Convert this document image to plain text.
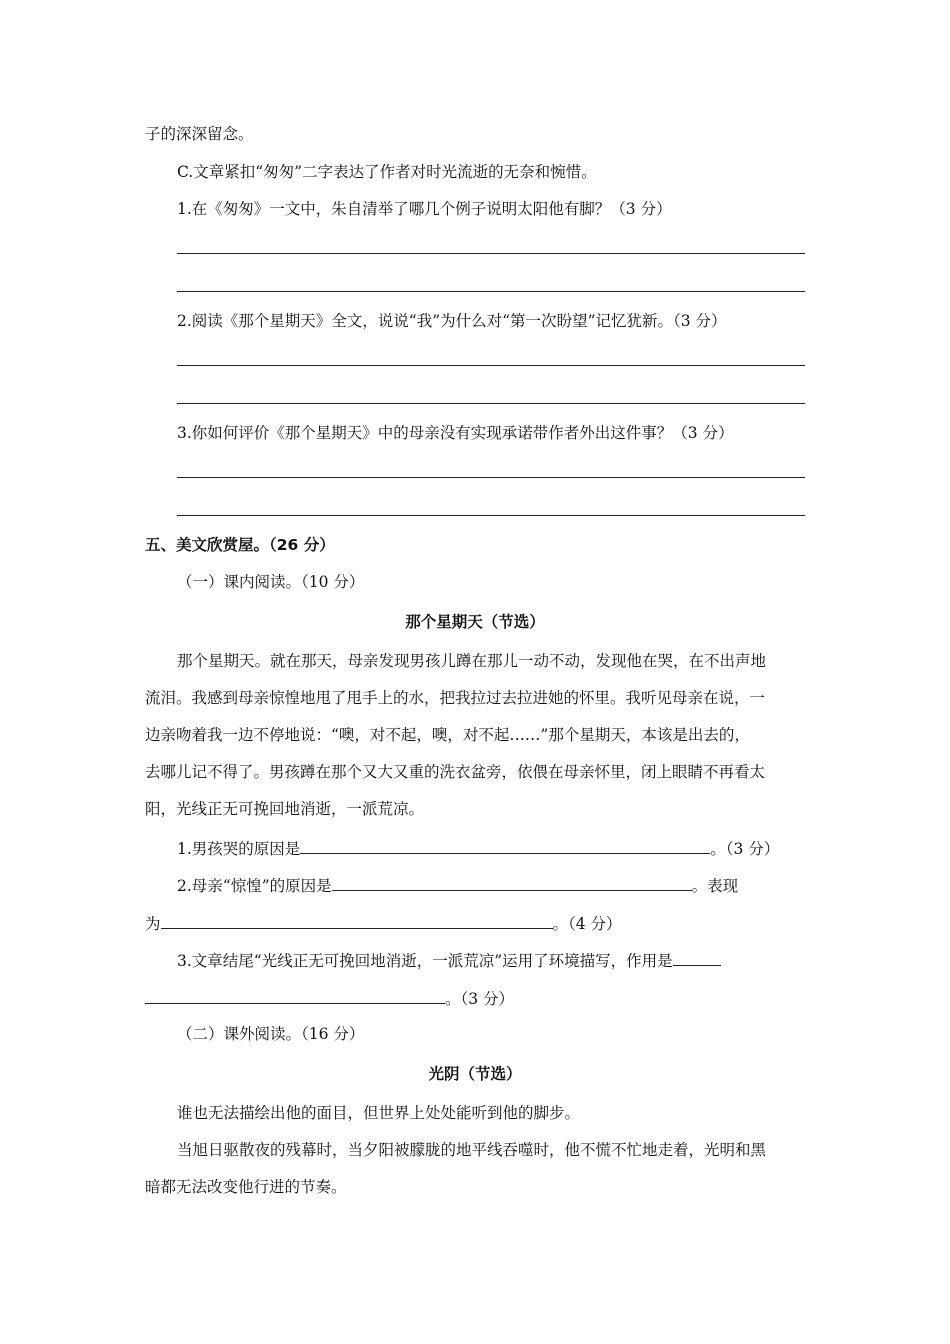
子的深深留念。
C.文章紧扣“匆匆”二字表达了作者对时光流逝的无奈和惋惜。
1.在《匆匆》一文中，朱自清举了哪几个例子说明太阳他有脚？（3 分）
2.阅读《那个星期天》全文，说说“我”为什么对“第一次盼望”记忆犹新。（3 分）
3.你如何评价《那个星期天》中的母亲没有实现承诺带作者外出这件事？（3 分）
五、美文欣赏屋。（26 分）
（一）课内阅读。（10 分）
那个星期天（节选）
那个星期天。就在那天，母亲发现男孩儿蹲在那儿一动不动，发现他在哭，在不出声地
流泪。我感到母亲惊惶地甩了甩手上的水，把我拉过去拉进她的怀里。我听见母亲在说，一
边亲吻着我一边不停地说：“噢，对不起，噢，对不起……”那个星期天，本该是出去的，
去哪儿记不得了。男孩蹲在那个又大又重的洗衣盆旁，依偎在母亲怀里，闭上眼睛不再看太
阳，光线正无可挽回地消逝，一派荒凉。
1.男孩哭的原因是	。（3 分）
2.母亲“惊惶”的原因是	。表现
为	。（4 分）
3.文章结尾“光线正无可挽回地消逝，一派荒凉”运用了环境描写，作用是
。（3 分）
（二）课外阅读。（16 分）
光阴（节选）
谁也无法描绘出他的面目，但世界上处处能听到他的脚步。
当旭日驱散夜的残幕时，当夕阳被朦胧的地平线吞噬时，他不慌不忙地走着，光明和黑
暗都无法改变他行进的节奏。
